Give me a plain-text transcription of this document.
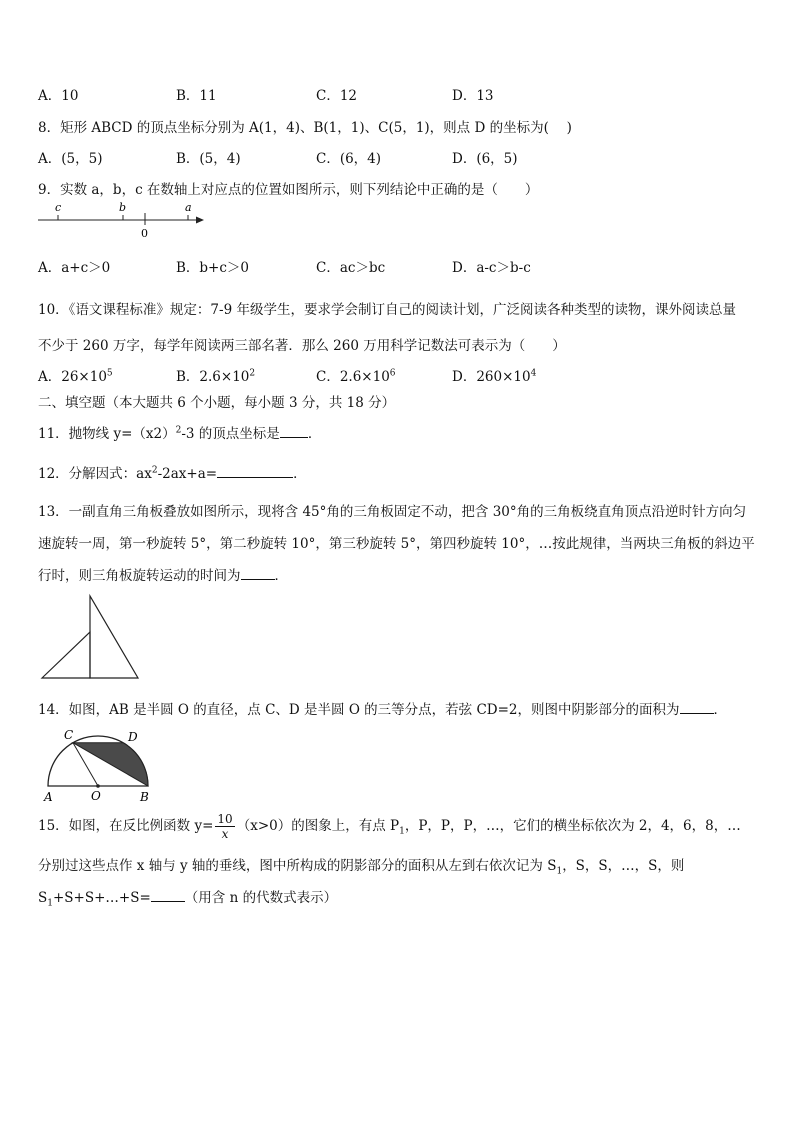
A．10	B．11	C．12	D．13
8．矩形 ABCD 的顶点坐标分别为 A(1，4)、B(1，1)、C(5，1)，则点 D 的坐标为(　 )
A．(5，5)	B．(5，4)	C．(6，4)	D．(6，5)
9．实数 a，b，c 在数轴上对应点的位置如图所示，则下列结论中正确的是（　　）
c	b
0
a
A．a+c＞0	B．b+c＞0	C．ac＞bc	D．a-c＞b-c
10．《语文课程标准》规定：7-9 年级学生，要求学会制订自己的阅读计划，广泛阅读各种类型的读物，课外阅读总量
不少于 260 万字，每学年阅读两三部名著．那么 260 万用科学记数法可表示为（　　）
A．$26\times 10^5$	B．$2.6\times 10^2$	C．$2.6\times 10^6$	D．$260\times 10^4$
二、填空题（本大题共 6 个小题，每小题 3 分，共 18 分）
11．抛物线 $y=(x2)^2-3$ 的顶点坐标是 ．
12．分解因式：$ax^2-2ax+a=$	．
13．一副直角三角板叠放如图所示，现将含 45°角的三角板固定不动，把含 30°角的三角板绕直角顶点沿逆时针方向匀
速旋转一周，第一秒旋转 5°，第二秒旋转 10°，第三秒旋转 5°，第四秒旋转 10°，…按此规律，当两块三角板的斜边平
行时，则三角板旋转运动的时间为	．
14．如图，AB 是半圆 O 的直径，点 C、D 是半圆 O 的三等分点，若弦 CD=2，则图中阴影部分的面积为	．
C	D
A	O	B
15．如图，在反比例函数 $y= \frac{10}{x} (x>0)$的图象上，有点 $P_1$，P，P，P，…，它们的横坐标依次为 2，4，6，8，…
分别过这些点作 x 轴与 y 轴的垂线，图中所构成的阴影部分的面积从左到右依次记为 $S_1$，S，S，…，S，则
$S_1+S+S+\dots+S=$	（用含 n 的代数式表示）
